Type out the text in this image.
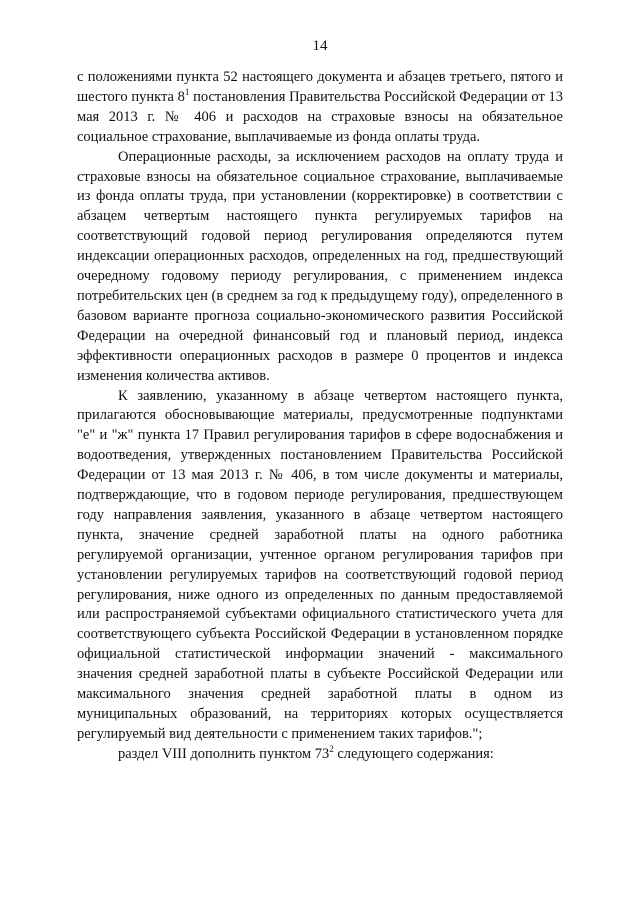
14

с положениями пункта 52 настоящего документа и абзацев третьего, пятого и шестого пункта $8^1$ постановления Правительства Российской Федерации от 13 мая 2013 г. № 406 и расходов на страховые взносы на обязательное социальное страхование, выплачиваемые из фонда оплаты труда.

Операционные расходы, за исключением расходов на оплату труда и страховые взносы на обязательное социальное страхование, выплачиваемые из фонда оплаты труда, при установлении (корректировке) в соответствии с абзацем четвертым настоящего пункта регулируемых тарифов на соответствующий годовой период регулирования определяются путем индексации операционных расходов, определенных на год, предшествующий очередному годовому периоду регулирования, с применением индекса потребительских цен (в среднем за год к предыдущему году), определенного в базовом варианте прогноза социально-экономического развития Российской Федерации на очередной финансовый год и плановый период, индекса эффективности операционных расходов в размере 0 процентов и индекса изменения количества активов.

К заявлению, указанному в абзаце четвертом настоящего пункта, прилагаются обосновывающие материалы, предусмотренные подпунктами "е" и "ж" пункта 17 Правил регулирования тарифов в сфере водоснабжения и водоотведения, утвержденных постановлением Правительства Российской Федерации от 13 мая 2013 г. № 406, в том числе документы и материалы, подтверждающие, что в годовом периоде регулирования, предшествующем году направления заявления, указанного в абзаце четвертом настоящего пункта, значение средней заработной платы на одного работника регулируемой организации, учтенное органом регулирования тарифов при установлении регулируемых тарифов на соответствующий годовой период регулирования, ниже одного из определенных по данным предоставляемой или распространяемой субъектами официального статистического учета для соответствующего субъекта Российской Федерации в установленном порядке официальной статистической информации значений - максимального значения средней заработной платы в субъекте Российской Федерации или максимального значения средней заработной платы в одном из муниципальных образований, на территориях которых осуществляется регулируемый вид деятельности с применением таких тарифов.";

раздел VIII дополнить пунктом $73^2$ следующего содержания:
